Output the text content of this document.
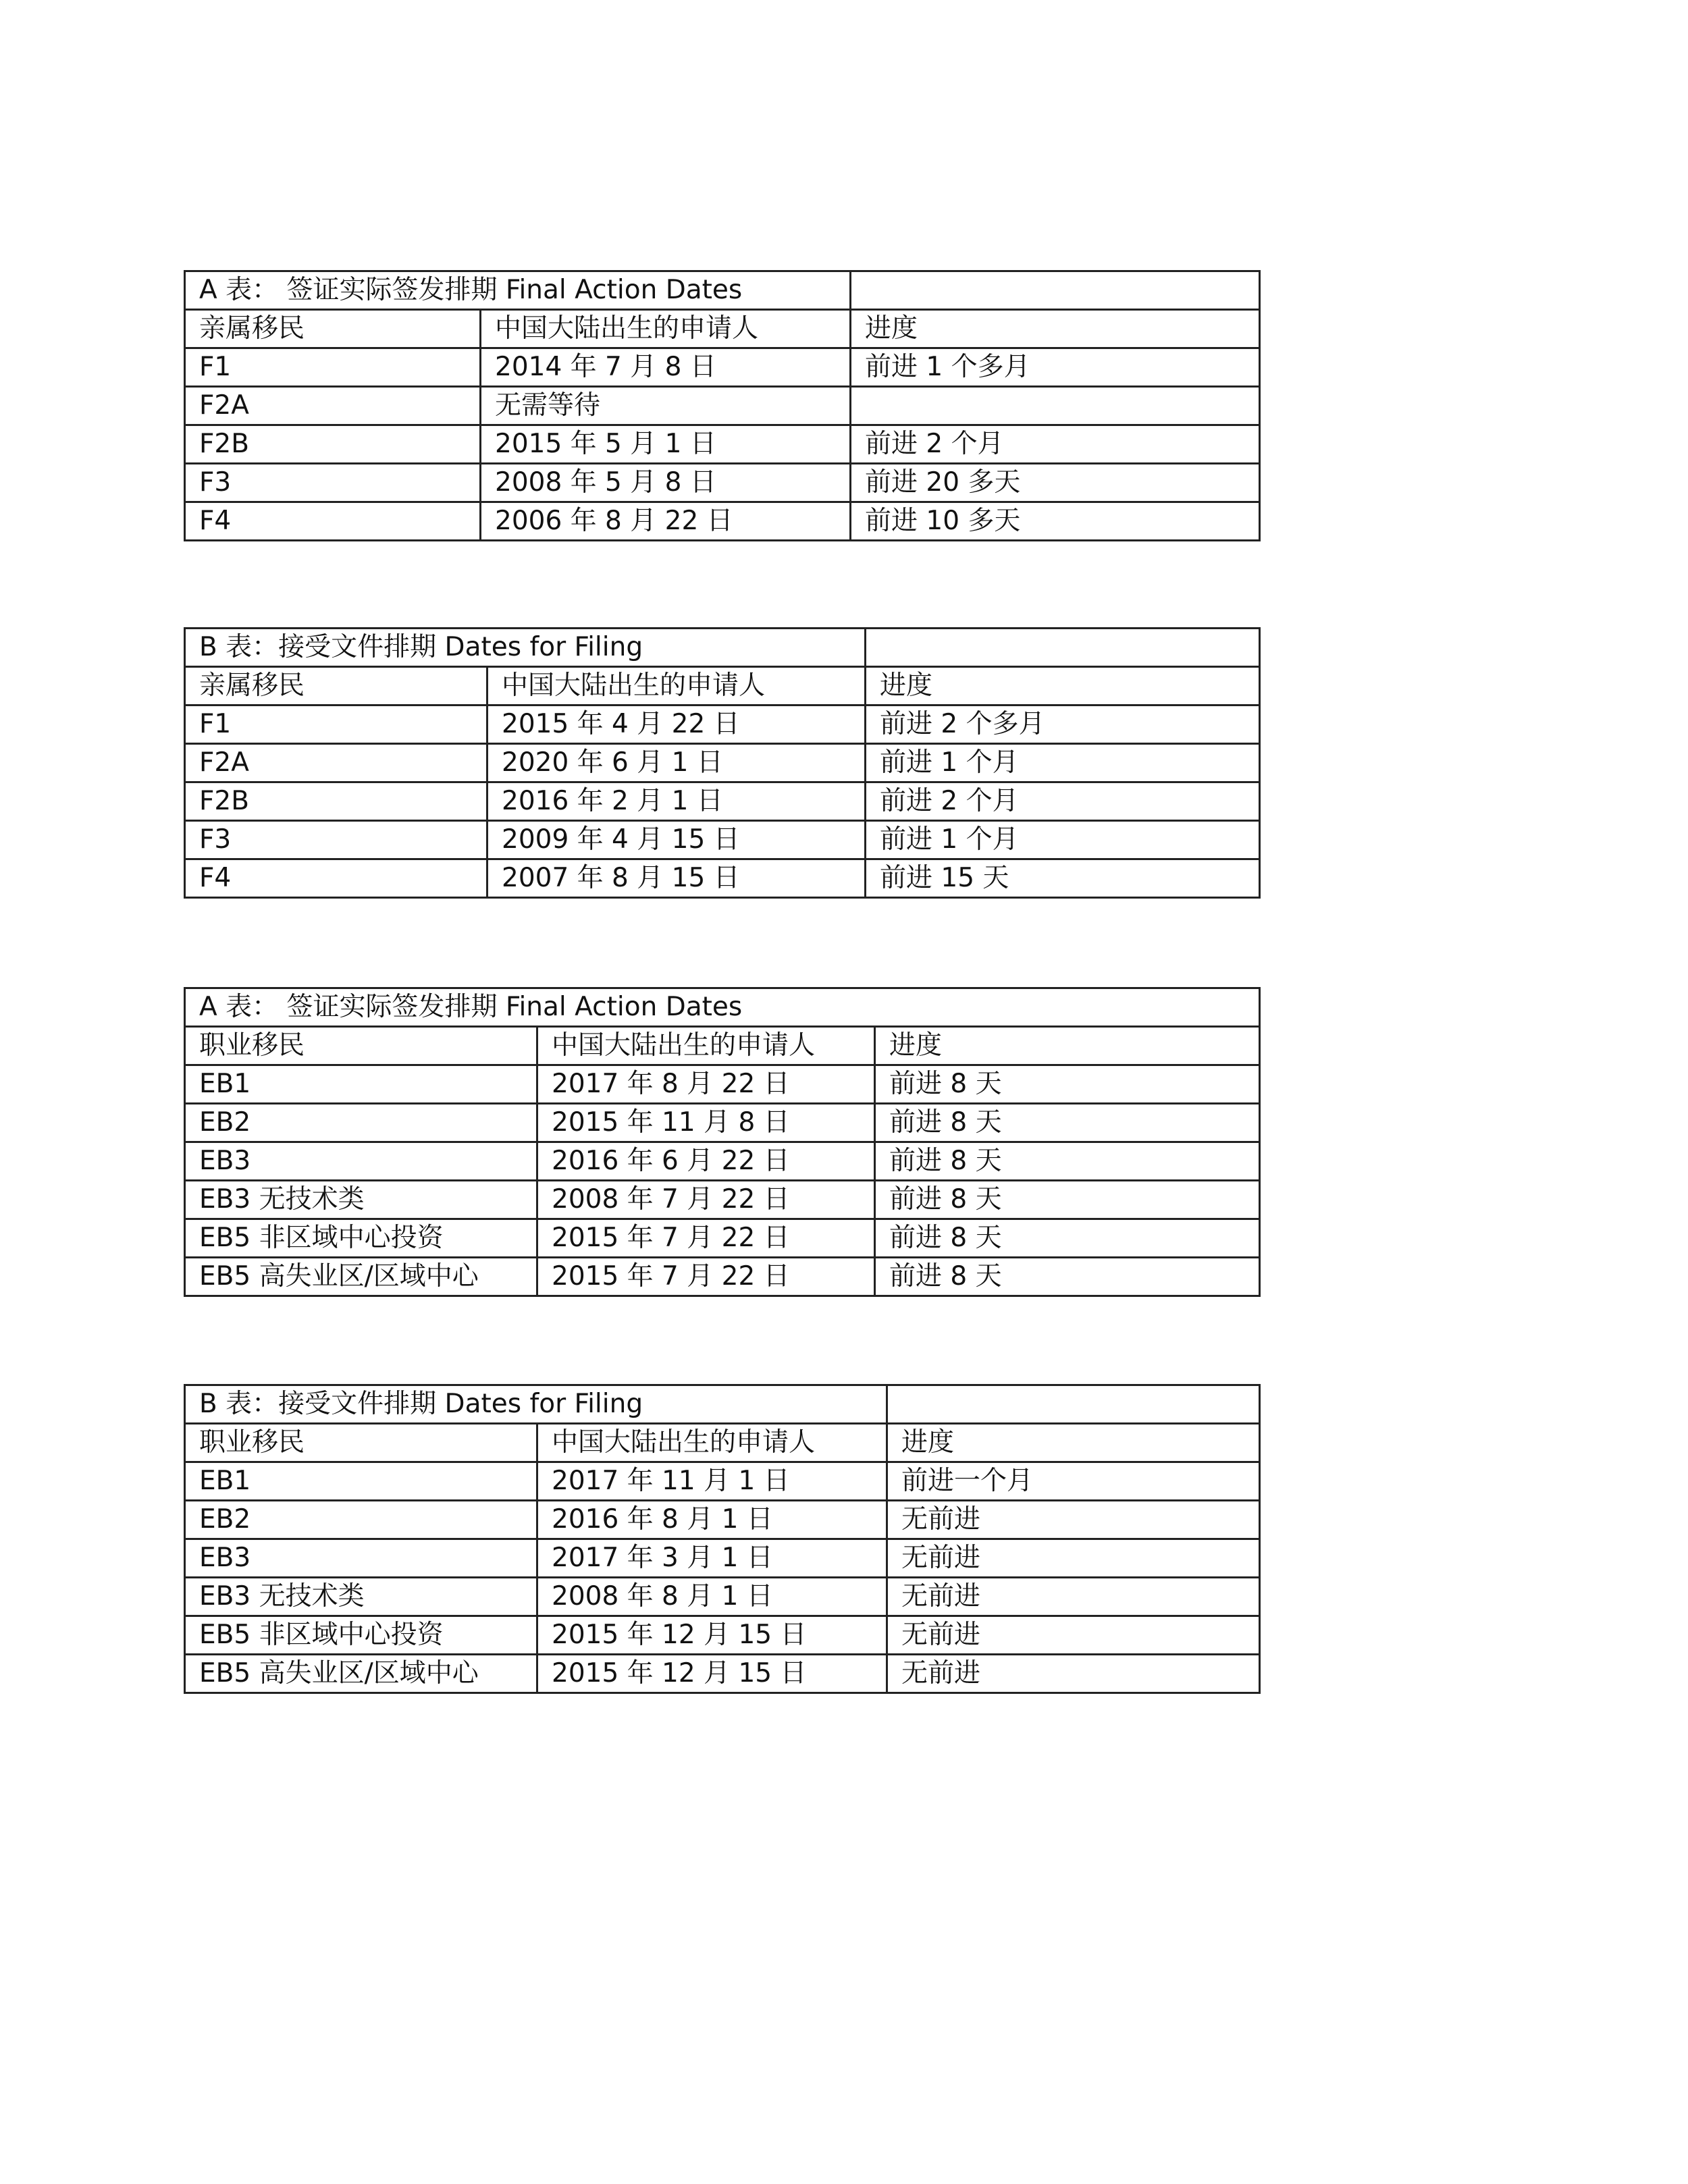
A 表： 签证实际签发排期 Final Action Dates		
亲属移民	中国大陆出生的申请人	进度
F1	2014 年 7 月 8 日	前进 1 个多月
F2A	无需等待	
F2B	2015 年 5 月 1 日	前进 2 个月
F3	2008 年 5 月 8 日	前进 20 多天
F4	2006 年 8 月 22 日	前进 10 多天
B 表：接受文件排期 Dates for Filing		
亲属移民	中国大陆出生的申请人	进度
F1	2015 年 4 月 22 日	前进 2 个多月
F2A	2020 年 6 月 1 日	前进 1 个月
F2B	2016 年 2 月 1 日	前进 2 个月
F3	2009 年 4 月 15 日	前进 1 个月
F4	2007 年 8 月 15 日	前进 15 天
A 表： 签证实际签发排期 Final Action Dates		
职业移民	中国大陆出生的申请人	进度
EB1	2017 年 8 月 22 日	前进 8 天
EB2	2015 年 11 月 8 日	前进 8 天
EB3	2016 年 6 月 22 日	前进 8 天
EB3 无技术类	2008 年 7 月 22 日	前进 8 天
EB5 非区域中心投资	2015 年 7 月 22 日	前进 8 天
EB5 高失业区/区域中心	2015 年 7 月 22 日	前进 8 天
B 表：接受文件排期 Dates for Filing		
职业移民	中国大陆出生的申请人	进度
EB1	2017 年 11 月 1 日	前进一个月
EB2	2016 年 8 月 1 日	无前进
EB3	2017 年 3 月 1 日	无前进
EB3 无技术类	2008 年 8 月 1 日	无前进
EB5 非区域中心投资	2015 年 12 月 15 日	无前进
EB5 高失业区/区域中心	2015 年 12 月 15 日	无前进
